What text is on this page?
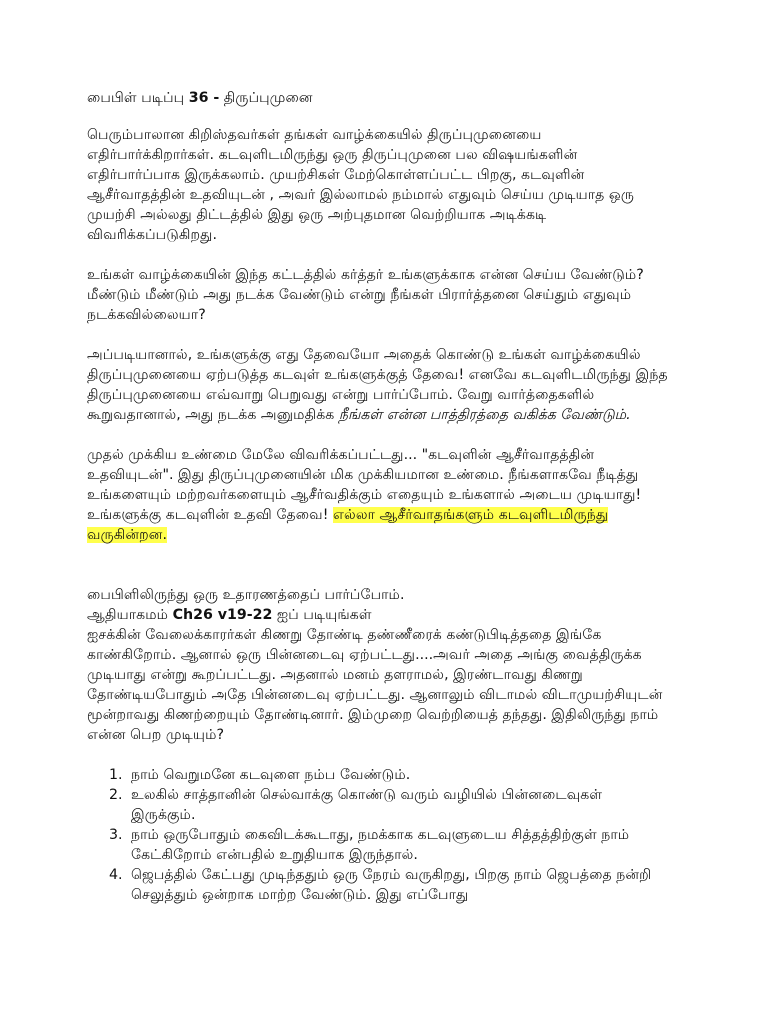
பைபிள் படிப்பு 36 - திருப்புமுனை

பெரும்பாலான கிறிஸ்தவர்கள் தங்கள் வாழ்க்கையில் திருப்புமுனையை எதிர்பார்க்கிறார்கள். கடவுளிடமிருந்து ஒரு திருப்புமுனை பல விஷயங்களின் எதிர்பார்ப்பாக இருக்கலாம். முயற்சிகள் மேற்கொள்ளப்பட்ட பிறகு, கடவுளின் ஆசீர்வாதத்தின் உதவியுடன் , அவர் இல்லாமல் நம்மால் எதுவும் செய்ய முடியாத ஒரு முயற்சி அல்லது திட்டத்தில் இது ஒரு அற்புதமான வெற்றியாக அடிக்கடி விவரிக்கப்படுகிறது.

உங்கள் வாழ்க்கையின் இந்த கட்டத்தில் கர்த்தர் உங்களுக்காக என்ன செய்ய வேண்டும்? மீண்டும் மீண்டும் அது நடக்க வேண்டும் என்று நீங்கள் பிரார்த்தனை செய்தும் எதுவும் நடக்கவில்லையா?

அப்படியானால், உங்களுக்கு எது தேவையோ அதைக் கொண்டு உங்கள் வாழ்க்கையில் திருப்புமுனையை ஏற்படுத்த கடவுள் உங்களுக்குத் தேவை! எனவே கடவுளிடமிருந்து இந்த திருப்புமுனையை எவ்வாறு பெறுவது என்று பார்ப்போம். வேறு வார்த்தைகளில் கூறுவதானால், அது நடக்க அனுமதிக்க நீங்கள் என்ன பாத்திரத்தை வகிக்க வேண்டும்.

முதல் முக்கிய உண்மை மேலே விவரிக்கப்பட்டது... "கடவுளின் ஆசீர்வாதத்தின் உதவியுடன்". இது திருப்புமுனையின் மிக முக்கியமான உண்மை. நீங்களாகவே நீடித்து உங்களையும் மற்றவர்களையும் ஆசீர்வதிக்கும் எதையும் உங்களால் அடைய முடியாது! உங்களுக்கு கடவுளின் உதவி தேவை! எல்லா ஆசீர்வாதங்களும் கடவுளிடமிருந்து வருகின்றன.

பைபிளிலிருந்து ஒரு உதாரணத்தைப் பார்ப்போம்.
ஆதியாகமம் Ch26 v19-22 ஐப் படியுங்கள்
ஐசக்கின் வேலைக்காரர்கள் கிணறு தோண்டி தண்ணீரைக் கண்டுபிடித்ததை இங்கே காண்கிறோம். ஆனால் ஒரு பின்னடைவு ஏற்பட்டது....அவர் அதை அங்கு வைத்திருக்க முடியாது என்று கூறப்பட்டது. அதனால் மனம் தளராமல், இரண்டாவது கிணறு தோண்டியபோதும் அதே பின்னடைவு ஏற்பட்டது. ஆனாலும் விடாமல் விடாமுயற்சியுடன் மூன்றாவது கிணற்றையும் தோண்டினார். இம்முறை வெற்றியைத் தந்தது. இதிலிருந்து நாம் என்ன பெற முடியும்?

1. நாம் வெறுமனே கடவுளை நம்ப வேண்டும்.
2. உலகில் சாத்தானின் செல்வாக்கு கொண்டு வரும் வழியில் பின்னடைவுகள் இருக்கும்.
3. நாம் ஒருபோதும் கைவிடக்கூடாது, நமக்காக கடவுளுடைய சித்தத்திற்குள் நாம் கேட்கிறோம் என்பதில் உறுதியாக இருந்தால்.
4. ஜெபத்தில் கேட்பது முடிந்ததும் ஒரு நேரம் வருகிறது, பிறகு நாம் ஜெபத்தை நன்றி செலுத்தும் ஒன்றாக மாற்ற வேண்டும். இது எப்போது
